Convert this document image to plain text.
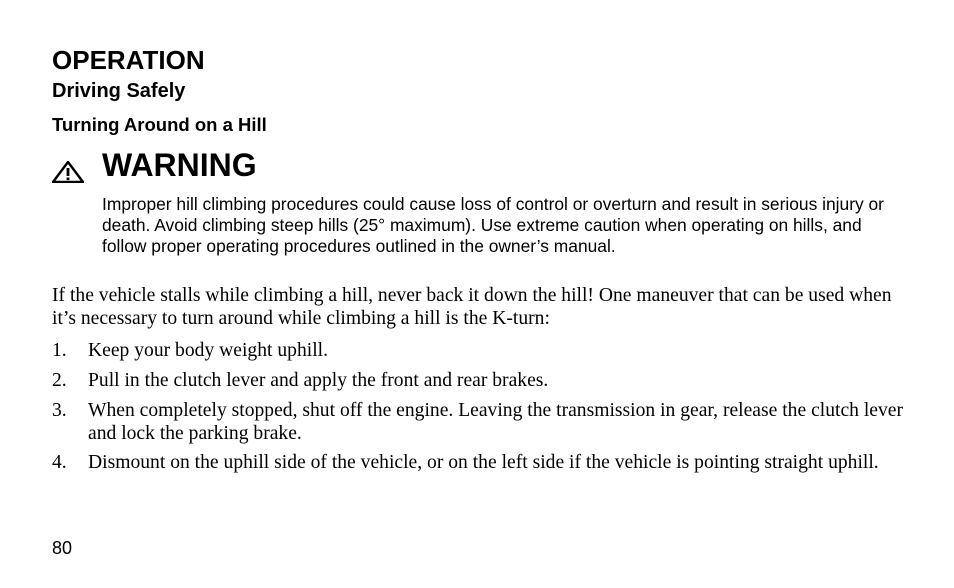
OPERATION
Driving Safely
Turning Around on a Hill
WARNING
Improper hill climbing procedures could cause loss of control or overturn and result in serious injury or death. Avoid climbing steep hills (25° maximum). Use extreme caution when operating on hills, and follow proper operating procedures outlined in the owner’s manual.
If the vehicle stalls while climbing a hill, never back it down the hill! One maneuver that can be used when it’s necessary to turn around while climbing a hill is the K-turn:
1. Keep your body weight uphill.
2. Pull in the clutch lever and apply the front and rear brakes.
3. When completely stopped, shut off the engine. Leaving the transmission in gear, release the clutch lever and lock the parking brake.
4. Dismount on the uphill side of the vehicle, or on the left side if the vehicle is pointing straight uphill.
80
